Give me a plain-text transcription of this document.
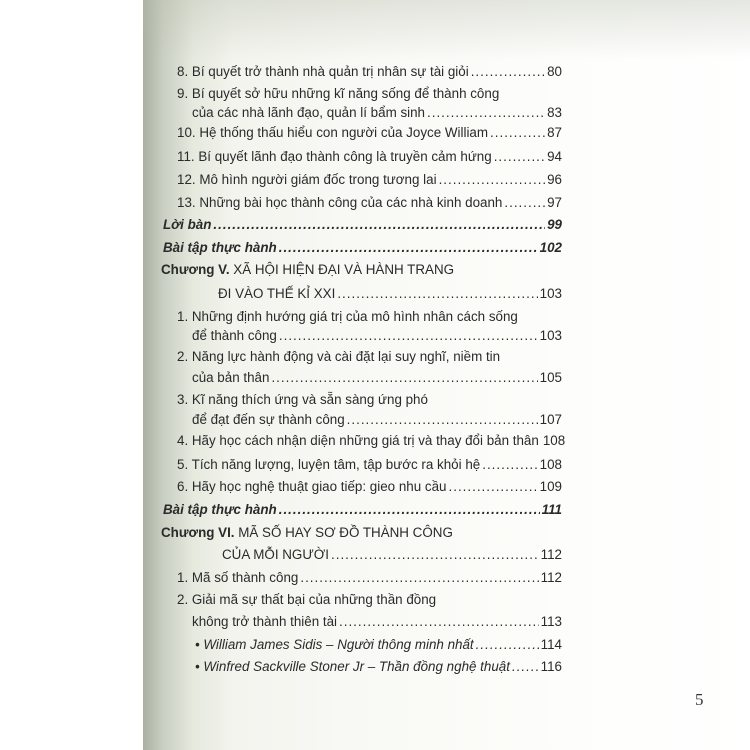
8. Bí quyết trở thành nhà quản trị nhân sự tài giỏi .....	80
9. Bí quyết sở hữu những kĩ năng sống để thành công
của các nhà lãnh đạo, quản lí bẩm sinh .....	83
10. Hệ thống thấu hiểu con người của Joyce William .....	87
11. Bí quyết lãnh đạo thành công là truyền cảm hứng .....	94
12. Mô hình người giám đốc trong tương lai .....	96
13. Những bài học thành công của các nhà kinh doanh .....	97
Lời bàn .....	99
Bài tập thực hành .....	102
Chương V. XÃ HỘI HIỆN ĐẠI VÀ HÀNH TRANG
ĐI VÀO THẾ KỈ XXI .....	103
1. Những định hướng giá trị của mô hình nhân cách sống
để thành công .....	103
2. Năng lực hành động và cài đặt lại suy nghĩ, niềm tin
của bản thân .....	105
3. Kĩ năng thích ứng và sẵn sàng ứng phó
để đạt đến sự thành công .....	107
4. Hãy học cách nhận diện những giá trị và thay đổi bản thân 108
5. Tích năng lượng, luyện tâm, tập bước ra khỏi hệ .....	108
6. Hãy học nghệ thuật giao tiếp: gieo nhu cầu .....	109
Bài tập thực hành .....	111
Chương VI. MÃ SỐ HAY SƠ ĐỒ THÀNH CÔNG
CỦA MỖI NGƯỜI .....	112
1. Mã số thành công .....	112
2. Giải mã sự thất bại của những thần đồng
không trở thành thiên tài .....	113
• William James Sidis – Người thông minh nhất .....	114
• Winfred Sackville Stoner Jr – Thần đồng nghệ thuật ..... 116
5
